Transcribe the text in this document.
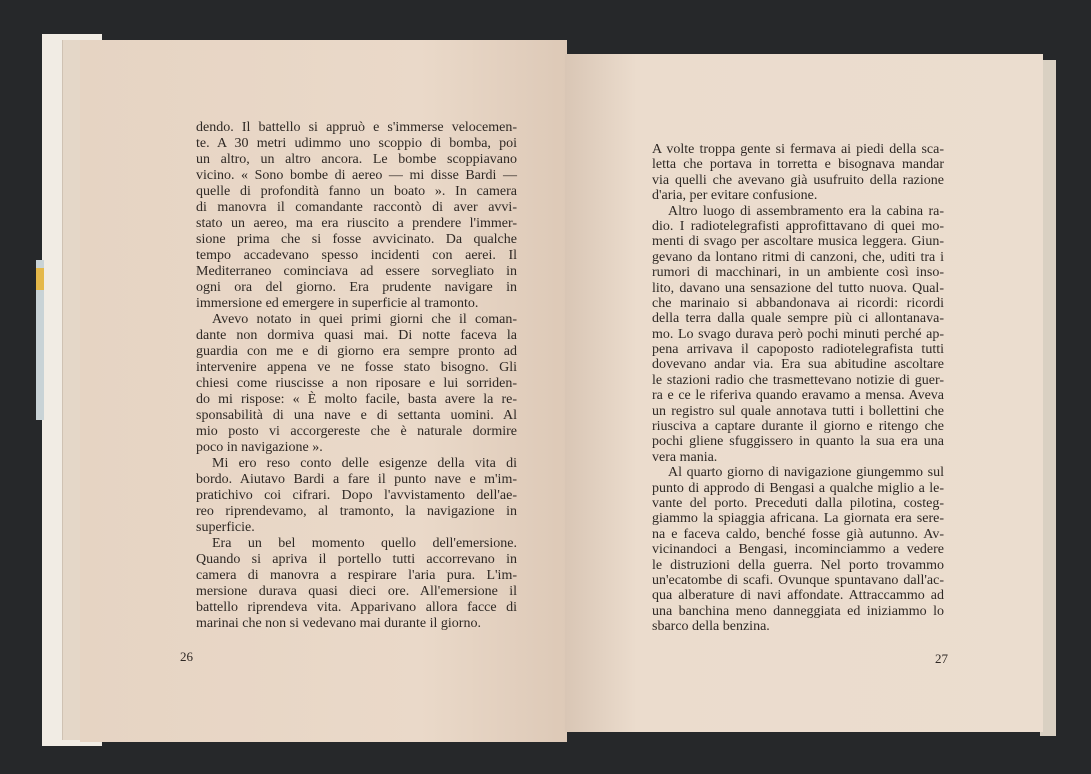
dendo. Il battello si appruò e s'immerse velocemen-
te. A 30 metri udimmo uno scoppio di bomba, poi
un altro, un altro ancora. Le bombe scoppiavano
vicino. « Sono bombe di aereo — mi disse Bardi —
quelle di profondità fanno un boato ». In camera
di manovra il comandante raccontò di aver avvi-
stato un aereo, ma era riuscito a prendere l'immer-
sione prima che si fosse avvicinato. Da qualche
tempo accadevano spesso incidenti con aerei. Il
Mediterraneo cominciava ad essere sorvegliato in
ogni ora del giorno. Era prudente navigare in
immersione ed emergere in superficie al tramonto.
Avevo notato in quei primi giorni che il coman-
dante non dormiva quasi mai. Di notte faceva la
guardia con me e di giorno era sempre pronto ad
intervenire appena ve ne fosse stato bisogno. Gli
chiesi come riuscisse a non riposare e lui sorriden-
do mi rispose: « È molto facile, basta avere la re-
sponsabilità di una nave e di settanta uomini. Al
mio posto vi accorgereste che è naturale dormire
poco in navigazione ».
Mi ero reso conto delle esigenze della vita di
bordo. Aiutavo Bardi a fare il punto nave e m'im-
pratichivo coi cifrari. Dopo l'avvistamento dell'ae-
reo riprendevamo, al tramonto, la navigazione in
superficie.
Era un bel momento quello dell'emersione.
Quando si apriva il portello tutti accorrevano in
camera di manovra a respirare l'aria pura. L'im-
mersione durava quasi dieci ore. All'emersione il
battello riprendeva vita. Apparivano allora facce di
marinai che non si vedevano mai durante il giorno.
26
A volte troppa gente si fermava ai piedi della sca-
letta che portava in torretta e bisognava mandar
via quelli che avevano già usufruito della razione
d'aria, per evitare confusione.
Altro luogo di assembramento era la cabina ra-
dio. I radiotelegrafisti approfittavano di quei mo-
menti di svago per ascoltare musica leggera. Giun-
gevano da lontano ritmi di canzoni, che, uditi tra i
rumori di macchinari, in un ambiente così inso-
lito, davano una sensazione del tutto nuova. Qual-
che marinaio si abbandonava ai ricordi: ricordi
della terra dalla quale sempre più ci allontanava-
mo. Lo svago durava però pochi minuti perché ap-
pena arrivava il capoposto radiotelegrafista tutti
dovevano andar via. Era sua abitudine ascoltare
le stazioni radio che trasmettevano notizie di guer-
ra e ce le riferiva quando eravamo a mensa. Aveva
un registro sul quale annotava tutti i bollettini che
riusciva a captare durante il giorno e ritengo che
pochi gliene sfuggissero in quanto la sua era una
vera mania.
Al quarto giorno di navigazione giungemmo sul
punto di approdo di Bengasi a qualche miglio a le-
vante del porto. Preceduti dalla pilotina, costeg-
giammo la spiaggia africana. La giornata era sere-
na e faceva caldo, benché fosse già autunno. Av-
vicinandoci a Bengasi, incominciammo a vedere
le distruzioni della guerra. Nel porto trovammo
un'ecatombe di scafi. Ovunque spuntavano dall'ac-
qua alberature di navi affondate. Attraccammo ad
una banchina meno danneggiata ed iniziammo lo
sbarco della benzina.
27
